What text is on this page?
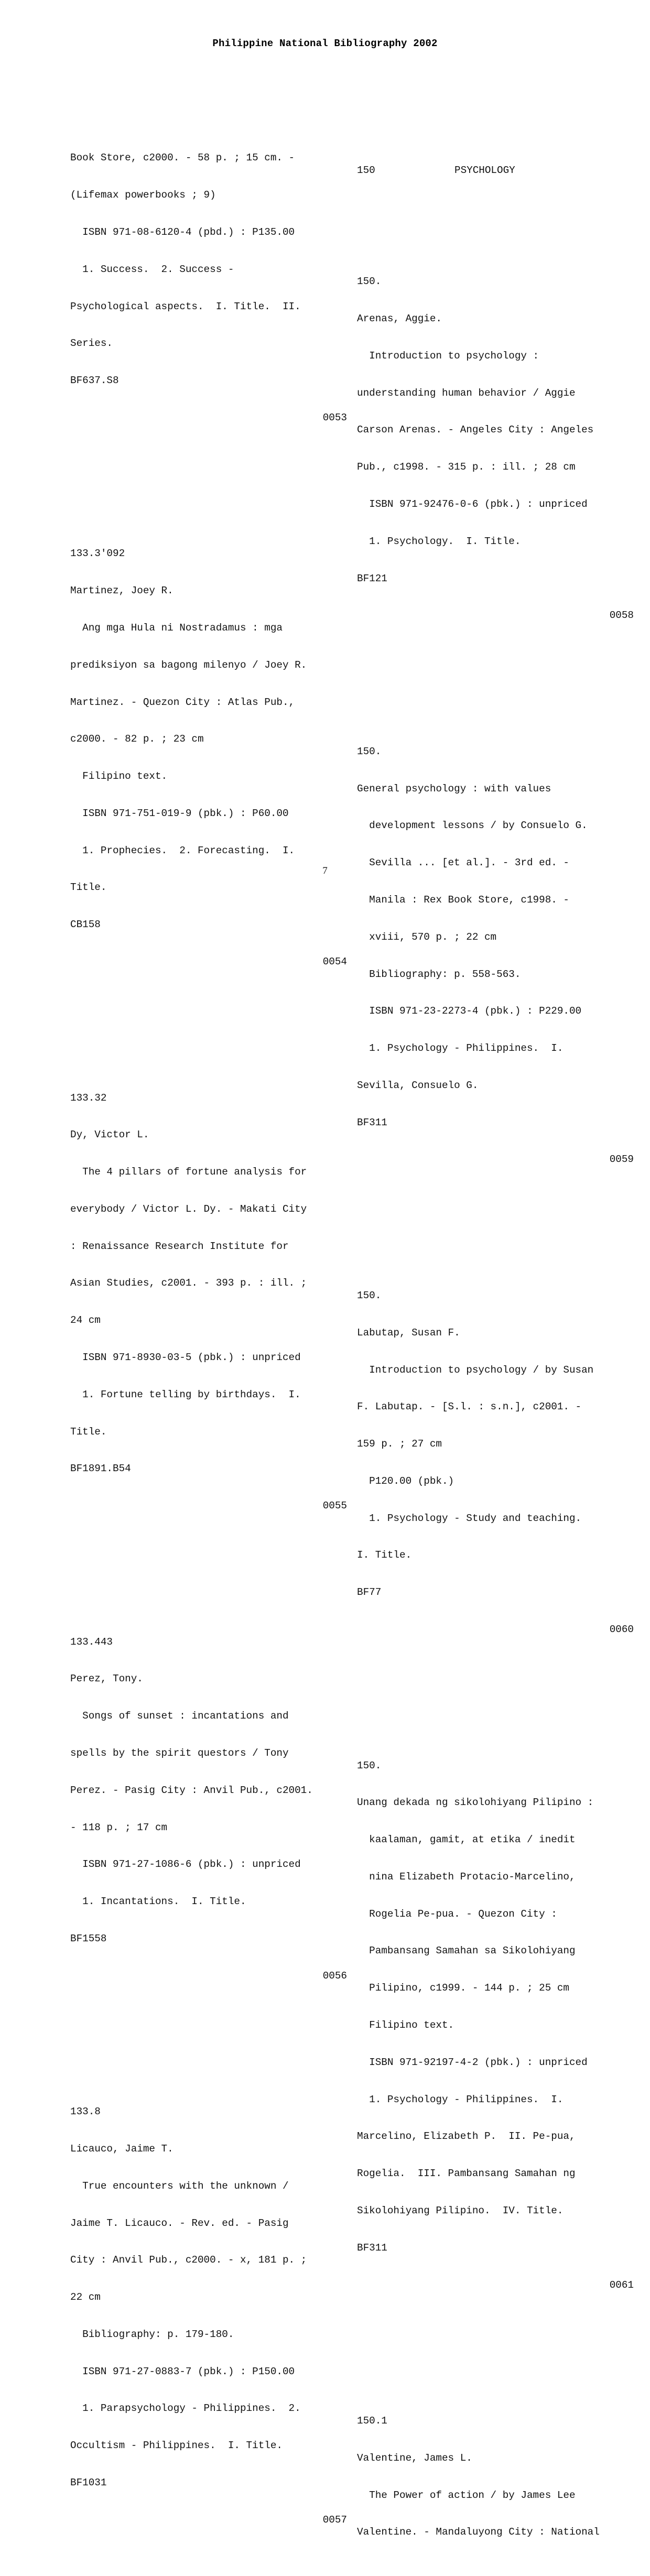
Philippine National Bibliography 2002

Book Store, c2000. - 58 p. ; 15 cm. -

(Lifemax powerbooks ; 9)

ISBN 971-08-6120-4 (pbd.) : P135.00

1. Success.  2. Success -

Psychological aspects.  I. Title.  II.

Series.

BF637.S8

0053

133.3'092

Martinez, Joey R.

Ang mga Hula ni Nostradamus : mga

prediksiyon sa bagong milenyo / Joey R.

Martinez. - Quezon City : Atlas Pub.,

c2000. - 82 p. ; 23 cm

Filipino text.

ISBN 971-751-019-9 (pbk.) : P60.00

1. Prophecies.  2. Forecasting.  I.

Title.

CB158

0054

133.32

Dy, Victor L.

The 4 pillars of fortune analysis for

everybody / Victor L. Dy. - Makati City

: Renaissance Research Institute for

Asian Studies, c2001. - 393 p. : ill. ;

24 cm

ISBN 971-8930-03-5 (pbk.) : unpriced

1. Fortune telling by birthdays.  I.

Title.

BF1891.B54

0055

133.443

Perez, Tony.

Songs of sunset : incantations and

spells by the spirit questors / Tony

Perez. - Pasig City : Anvil Pub., c2001.

- 118 p. ; 17 cm

ISBN 971-27-1086-6 (pbk.) : unpriced

1. Incantations.  I. Title.

BF1558

0056

133.8

Licauco, Jaime T.

True encounters with the unknown /

Jaime T. Licauco. - Rev. ed. - Pasig

City : Anvil Pub., c2000. - x, 181 p. ;

22 cm

Bibliography: p. 179-180.

ISBN 971-27-0883-7 (pbk.) : P150.00

1. Parapsychology - Philippines.  2.

Occultism - Philippines.  I. Title.

BF1031

0057

150	PSYCHOLOGY

150.

Arenas, Aggie.

Introduction to psychology :

understanding human behavior / Aggie

Carson Arenas. - Angeles City : Angeles

Pub., c1998. - 315 p. : ill. ; 28 cm

ISBN 971-92476-0-6 (pbk.) : unpriced

1. Psychology.  I. Title.

BF121

0058

150.

General psychology : with values

development lessons / by Consuelo G.

Sevilla ... [et al.]. - 3rd ed. -

Manila : Rex Book Store, c1998. -

xviii, 570 p. ; 22 cm

Bibliography: p. 558-563.

ISBN 971-23-2273-4 (pbk.) : P229.00

1. Psychology - Philippines.  I.

Sevilla, Consuelo G.

BF311

0059

150.

Labutap, Susan F.

Introduction to psychology / by Susan

F. Labutap. - [S.l. : s.n.], c2001. -

159 p. ; 27 cm

P120.00 (pbk.)

1. Psychology - Study and teaching.

I. Title.

BF77

0060

150.

Unang dekada ng sikolohiyang Pilipino :

kaalaman, gamit, at etika / inedit

nina Elizabeth Protacio-Marcelino,

Rogelia Pe-pua. - Quezon City :

Pambansang Samahan sa Sikolohiyang

Pilipino, c1999. - 144 p. ; 25 cm

Filipino text.

ISBN 971-92197-4-2 (pbk.) : unpriced

1. Psychology - Philippines.  I.

Marcelino, Elizabeth P.  II. Pe-pua,

Rogelia.  III. Pambansang Samahan ng

Sikolohiyang Pilipino.  IV. Title.

BF311

0061

150.1

Valentine, James L.

The Power of action / by James Lee

Valentine. - Mandaluyong City : National

7
